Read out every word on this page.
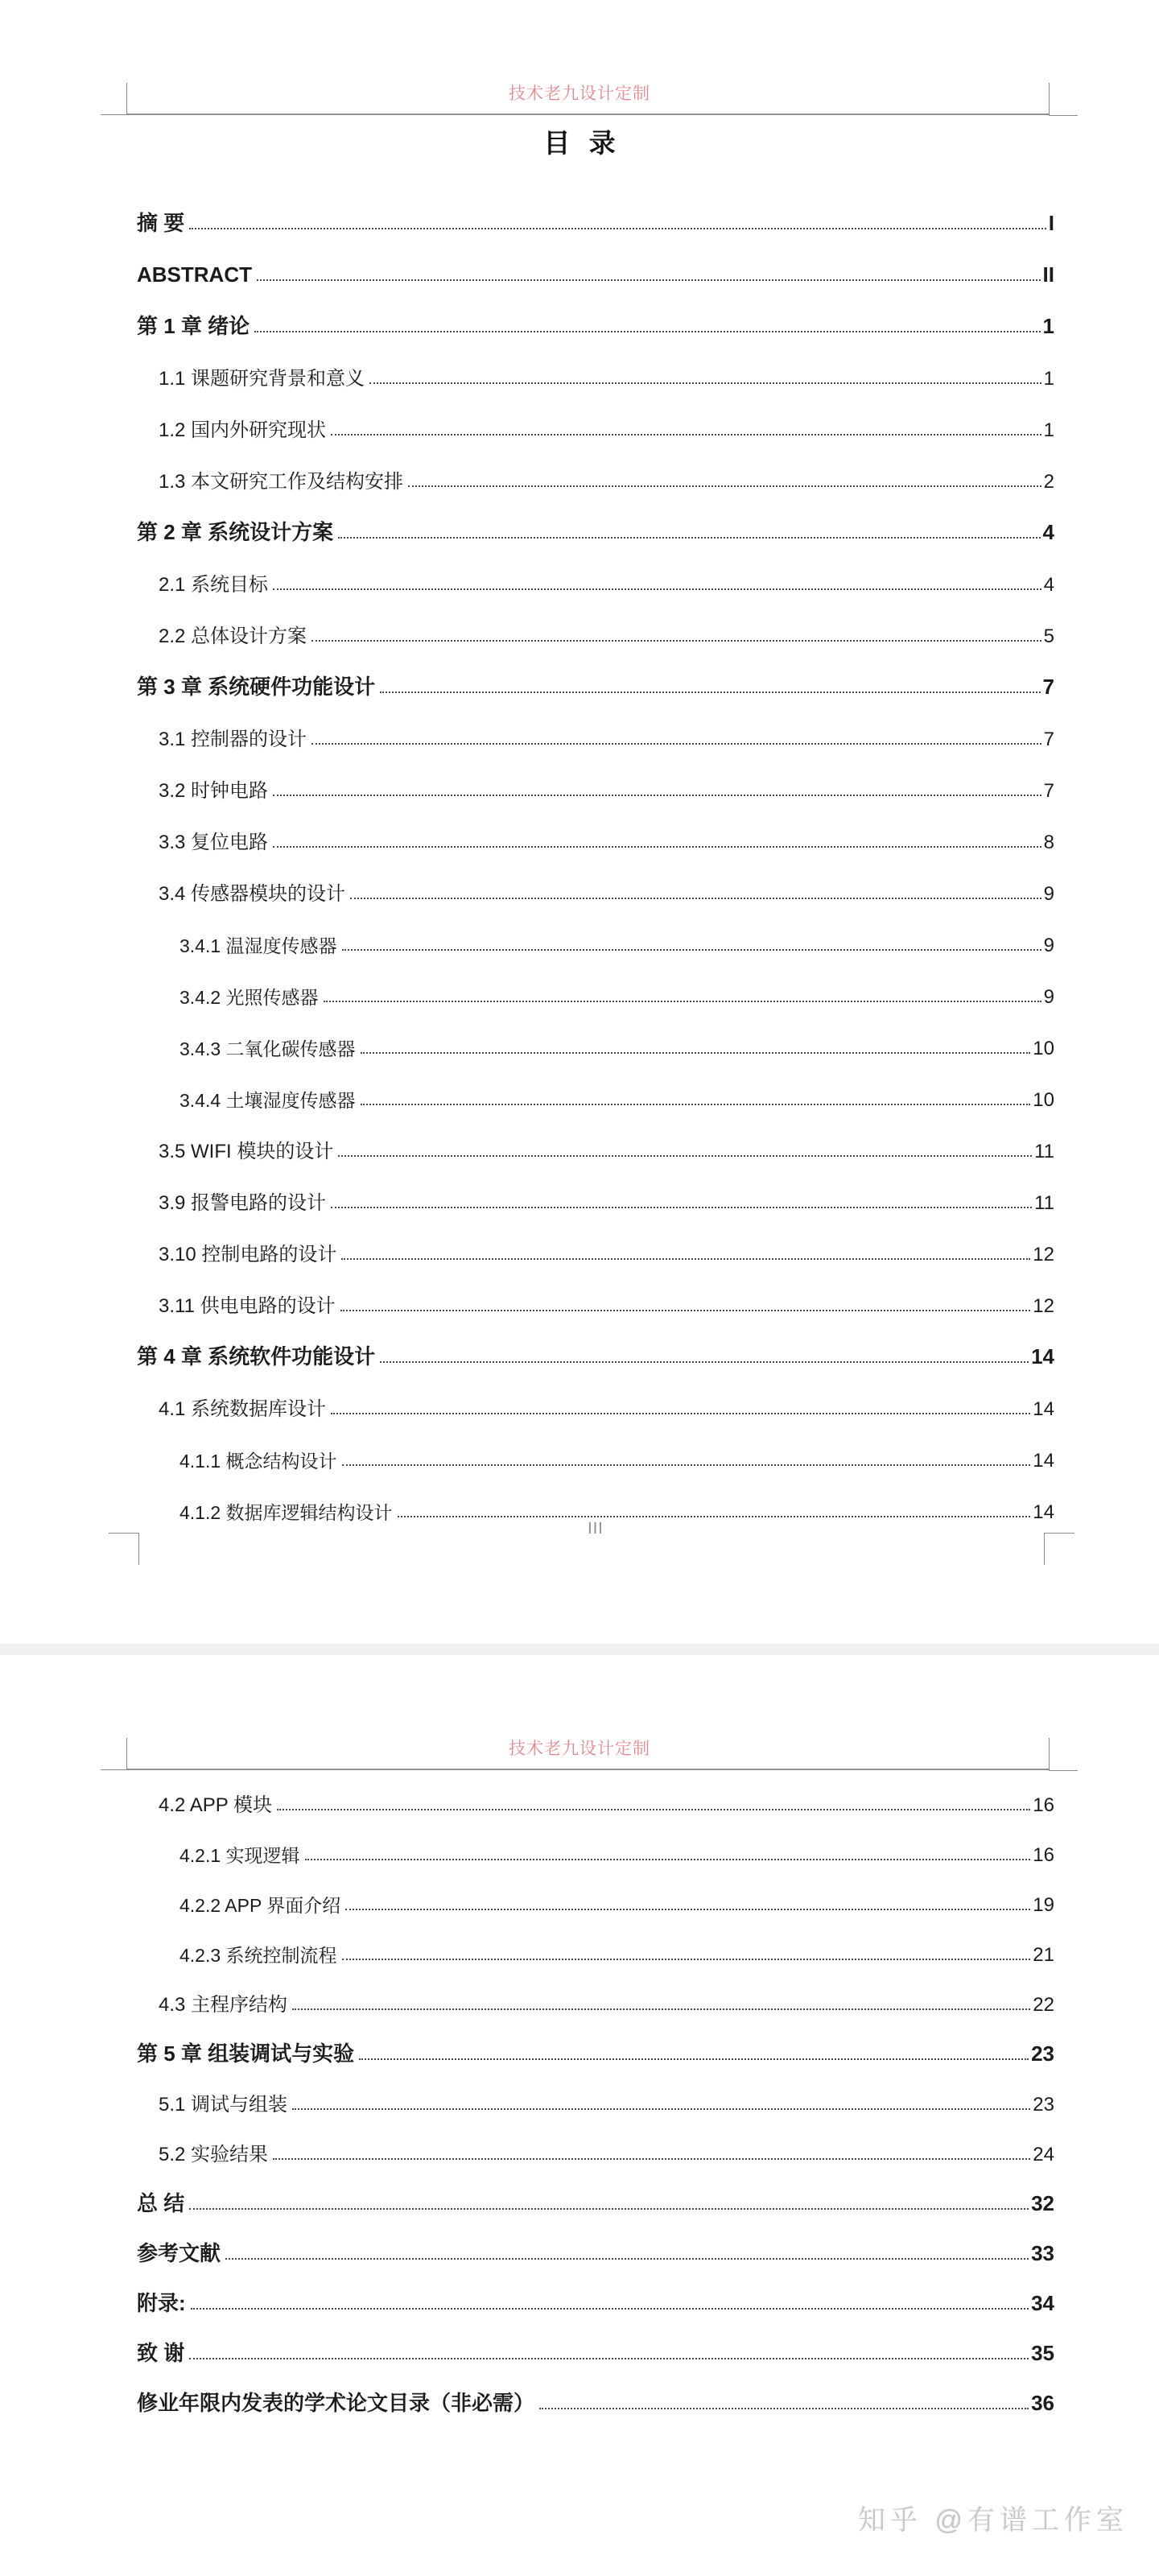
技术老九设计定制
目 录
摘 要	I
ABSTRACT	II
第 1 章 绪论	1
1.1 课题研究背景和意义	1
1.2 国内外研究现状	1
1.3 本文研究工作及结构安排	2
第 2 章 系统设计方案	4
2.1 系统目标	4
2.2 总体设计方案	5
第 3 章 系统硬件功能设计	7
3.1 控制器的设计	7
3.2 时钟电路	7
3.3 复位电路	8
3.4 传感器模块的设计	9
3.4.1 温湿度传感器	9
3.4.2 光照传感器	9
3.4.3 二氧化碳传感器	10
3.4.4 土壤湿度传感器	10
3.5 WIFI 模块的设计	11
3.9 报警电路的设计	11
3.10 控制电路的设计	12
3.11 供电电路的设计	12
第 4 章 系统软件功能设计	14
4.1 系统数据库设计	14
4.1.1 概念结构设计	14
4.1.2 数据库逻辑结构设计	14
III
技术老九设计定制
4.2 APP 模块	16
4.2.1 实现逻辑	16
4.2.2 APP 界面介绍	19
4.2.3 系统控制流程	21
4.3 主程序结构	22
第 5 章 组装调试与实验	23
5.1 调试与组装	23
5.2 实验结果	24
总 结	32
参考文献	33
附录:	34
致 谢	35
修业年限内发表的学术论文目录（非必需）	36
知乎 @有谱工作室
